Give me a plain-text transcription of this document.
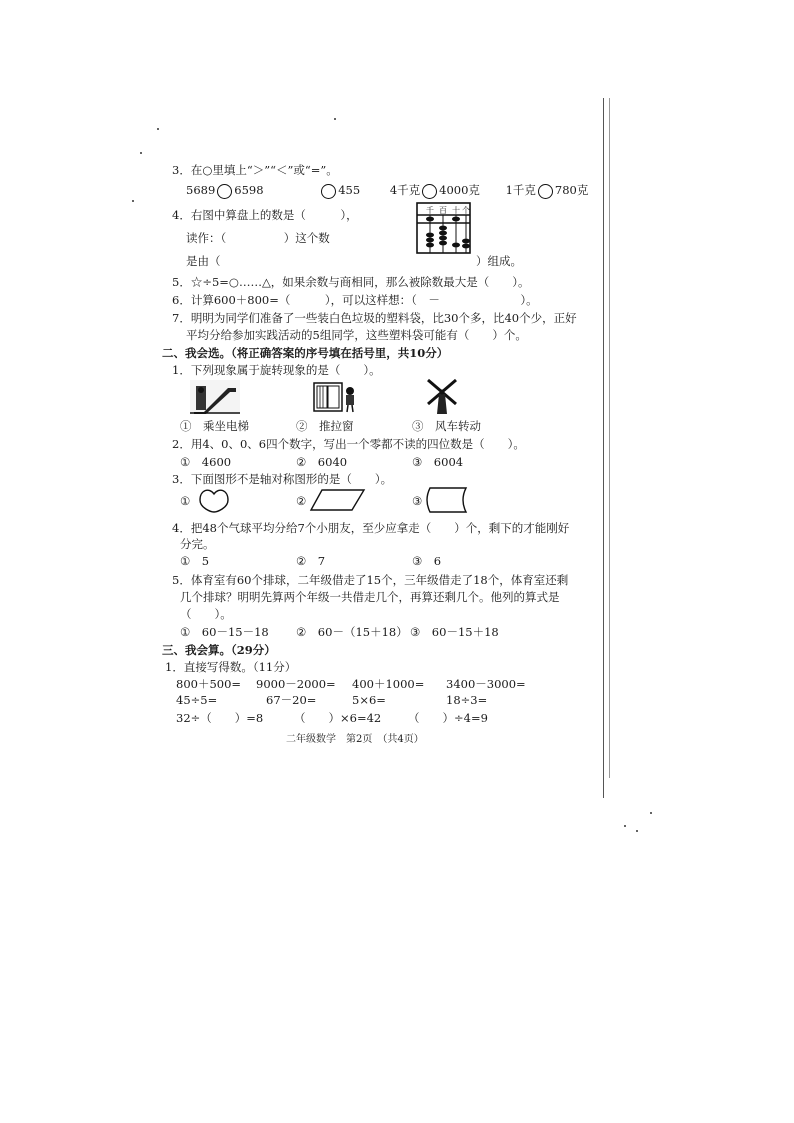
3．在○里填上“＞”“＜”或“=”。
5689 6598	455	4千克 4000克 1千克 780克
4．右图中算盘上的数是（　　　），
读作：（　　　　　）这个数
是由（	）组成。
千 百 十 个
5．☆÷5=○……△，如果余数与商相同，那么被除数最大是（　　）。
6．计算600＋800=（　　　），可以这样想：（　－　　　　　　　）。
7．明明为同学们准备了一些装白色垃圾的塑料袋，比30个多，比40个少，正好
平均分给参加实践活动的5组同学，这些塑料袋可能有（　　）个。
二、我会选。（将正确答案的序号填在括号里，共10分）
1．下列现象属于旋转现象的是（　　）。
①　乘坐电梯	②　推拉窗	③　风车转动
2．用4、0、0、6四个数字，写出一个零都不读的四位数是（　　）。
①　4600	②　6040	③　6004
3．下面图形不是轴对称图形的是（　　）。
①	②	③
4．把48个气球平均分给7个小朋友，至少应拿走（　　）个，剩下的才能刚好
分完。
①　5	②　7	③　6
5．体育室有60个排球，二年级借走了15个，三年级借走了18个，体育室还剩
几个排球？明明先算两个年级一共借走几个，再算还剩几个。他列的算式是
（　　）。
①　60－15－18 ②　60－（15＋18） ③　60－15＋18
三、我会算。（29分）
1．直接写得数。（11分）
800＋500= 9000－2000= 400＋1000= 3400－3000=
45÷5=	67－20=	5×6=	18÷3=
32÷（　　）=8	（　　）×6=42 （　　）÷4=9
二年级数学　第2页　（共4页）
